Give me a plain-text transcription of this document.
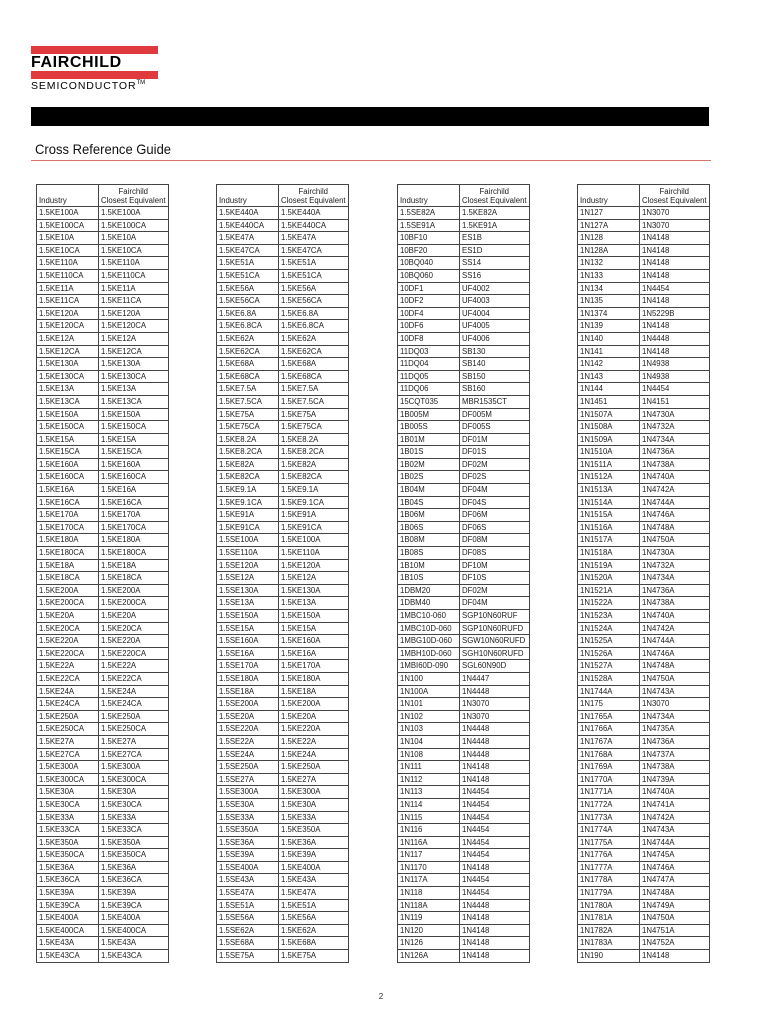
FAIRCHILD
SEMICONDUCTOR™
Cross Reference Guide
Industry	Fairchild
Closest Equivalent
1.5KE100A	1.5KE100A
1.5KE100CA	1.5KE100CA
1.5KE10A	1.5KE10A
1.5KE10CA	1.5KE10CA
1.5KE110A	1.5KE110A
1.5KE110CA	1.5KE110CA
1.5KE11A	1.5KE11A
1.5KE11CA	1.5KE11CA
1.5KE120A	1.5KE120A
1.5KE120CA	1.5KE120CA
1.5KE12A	1.5KE12A
1.5KE12CA	1.5KE12CA
1.5KE130A	1.5KE130A
1.5KE130CA	1.5KE130CA
1.5KE13A	1.5KE13A
1.5KE13CA	1.5KE13CA
1.5KE150A	1.5KE150A
1.5KE150CA	1.5KE150CA
1.5KE15A	1.5KE15A
1.5KE15CA	1.5KE15CA
1.5KE160A	1.5KE160A
1.5KE160CA	1.5KE160CA
1.5KE16A	1.5KE16A
1.5KE16CA	1.5KE16CA
1.5KE170A	1.5KE170A
1.5KE170CA	1.5KE170CA
1.5KE180A	1.5KE180A
1.5KE180CA	1.5KE180CA
1.5KE18A	1.5KE18A
1.5KE18CA	1.5KE18CA
1.5KE200A	1.5KE200A
1.5KE200CA	1.5KE200CA
1.5KE20A	1.5KE20A
1.5KE20CA	1.5KE20CA
1.5KE220A	1.5KE220A
1.5KE220CA	1.5KE220CA
1.5KE22A	1.5KE22A
1.5KE22CA	1.5KE22CA
1.5KE24A	1.5KE24A
1.5KE24CA	1.5KE24CA
1.5KE250A	1.5KE250A
1.5KE250CA	1.5KE250CA
1.5KE27A	1.5KE27A
1.5KE27CA	1.5KE27CA
1.5KE300A	1.5KE300A
1.5KE300CA	1.5KE300CA
1.5KE30A	1.5KE30A
1.5KE30CA	1.5KE30CA
1.5KE33A	1.5KE33A
1.5KE33CA	1.5KE33CA
1.5KE350A	1.5KE350A
1.5KE350CA	1.5KE350CA
1.5KE36A	1.5KE36A
1.5KE36CA	1.5KE36CA
1.5KE39A	1.5KE39A
1.5KE39CA	1.5KE39CA
1.5KE400A	1.5KE400A
1.5KE400CA	1.5KE400CA
1.5KE43A	1.5KE43A
1.5KE43CA	1.5KE43CA
Industry	Fairchild
Closest Equivalent
1.5KE440A	1.5KE440A
1.5KE440CA	1.5KE440CA
1.5KE47A	1.5KE47A
1.5KE47CA	1.5KE47CA
1.5KE51A	1.5KE51A
1.5KE51CA	1.5KE51CA
1.5KE56A	1.5KE56A
1.5KE56CA	1.5KE56CA
1.5KE6.8A	1.5KE6.8A
1.5KE6.8CA	1.5KE6.8CA
1.5KE62A	1.5KE62A
1.5KE62CA	1.5KE62CA
1.5KE68A	1.5KE68A
1.5KE68CA	1.5KE68CA
1.5KE7.5A	1.5KE7.5A
1.5KE7.5CA	1.5KE7.5CA
1.5KE75A	1.5KE75A
1.5KE75CA	1.5KE75CA
1.5KE8.2A	1.5KE8.2A
1.5KE8.2CA	1.5KE8.2CA
1.5KE82A	1.5KE82A
1.5KE82CA	1.5KE82CA
1.5KE9.1A	1.5KE9.1A
1.5KE9.1CA	1.5KE9.1CA
1.5KE91A	1.5KE91A
1.5KE91CA	1.5KE91CA
1.5SE100A	1.5KE100A
1.5SE110A	1.5KE110A
1.5SE120A	1.5KE120A
1.5SE12A	1.5KE12A
1.5SE130A	1.5KE130A
1.5SE13A	1.5KE13A
1.5SE150A	1.5KE150A
1.5SE15A	1.5KE15A
1.5SE160A	1.5KE160A
1.5SE16A	1.5KE16A
1.5SE170A	1.5KE170A
1.5SE180A	1.5KE180A
1.5SE18A	1.5KE18A
1.5SE200A	1.5KE200A
1.5SE20A	1.5KE20A
1.5SE220A	1.5KE220A
1.5SE22A	1.5KE22A
1.5SE24A	1.5KE24A
1.5SE250A	1.5KE250A
1.5SE27A	1.5KE27A
1.5SE300A	1.5KE300A
1.5SE30A	1.5KE30A
1.5SE33A	1.5KE33A
1.5SE350A	1.5KE350A
1.5SE36A	1.5KE36A
1.5SE39A	1.5KE39A
1.5SE400A	1.5KE400A
1.5SE43A	1.5KE43A
1.5SE47A	1.5KE47A
1.5SE51A	1.5KE51A
1.5SE56A	1.5KE56A
1.5SE62A	1.5KE62A
1.5SE68A	1.5KE68A
1.5SE75A	1.5KE75A
Industry	Fairchild
Closest Equivalent
1.5SE82A	1.5KE82A
1.5SE91A	1.5KE91A
10BF10	ES1B
10BF20	ES1D
10BQ040	SS14
10BQ060	SS16
10DF1	UF4002
10DF2	UF4003
10DF4	UF4004
10DF6	UF4005
10DF8	UF4006
11DQ03	SB130
11DQ04	SB140
11DQ05	SB150
11DQ06	SB160
15CQT035	MBR1535CT
1B005M	DF005M
1B005S	DF005S
1B01M	DF01M
1B01S	DF01S
1B02M	DF02M
1B02S	DF02S
1B04M	DF04M
1B04S	DF04S
1B06M	DF06M
1B06S	DF06S
1B08M	DF08M
1B08S	DF08S
1B10M	DF10M
1B10S	DF10S
1DBM20	DF02M
1DBM40	DF04M
1MBC10-060	SGP10N60RUF
1MBC10D-060	SGP10N60RUFD
1MBG10D-060	SGW10N60RUFD
1MBH10D-060	SGH10N60RUFD
1MBI60D-090	SGL60N90D
1N100	1N4447
1N100A	1N4448
1N101	1N3070
1N102	1N3070
1N103	1N4448
1N104	1N4448
1N108	1N4448
1N111	1N4148
1N112	1N4148
1N113	1N4454
1N114	1N4454
1N115	1N4454
1N116	1N4454
1N116A	1N4454
1N117	1N4454
1N1170	1N4148
1N117A	1N4454
1N118	1N4454
1N118A	1N4448
1N119	1N4148
1N120	1N4148
1N126	1N4148
1N126A	1N4148
Industry	Fairchild
Closest Equivalent
1N127	1N3070
1N127A	1N3070
1N128	1N4148
1N128A	1N4148
1N132	1N4148
1N133	1N4148
1N134	1N4454
1N135	1N4148
1N1374	1N5229B
1N139	1N4148
1N140	1N4448
1N141	1N4148
1N142	1N4938
1N143	1N4938
1N144	1N4454
1N1451	1N4151
1N1507A	1N4730A
1N1508A	1N4732A
1N1509A	1N4734A
1N1510A	1N4736A
1N1511A	1N4738A
1N1512A	1N4740A
1N1513A	1N4742A
1N1514A	1N4744A
1N1515A	1N4746A
1N1516A	1N4748A
1N1517A	1N4750A
1N1518A	1N4730A
1N1519A	1N4732A
1N1520A	1N4734A
1N1521A	1N4736A
1N1522A	1N4738A
1N1523A	1N4740A
1N1524A	1N4742A
1N1525A	1N4744A
1N1526A	1N4746A
1N1527A	1N4748A
1N1528A	1N4750A
1N1744A	1N4743A
1N175	1N3070
1N1765A	1N4734A
1N1766A	1N4735A
1N1767A	1N4736A
1N1768A	1N4737A
1N1769A	1N4738A
1N1770A	1N4739A
1N1771A	1N4740A
1N1772A	1N4741A
1N1773A	1N4742A
1N1774A	1N4743A
1N1775A	1N4744A
1N1776A	1N4745A
1N1777A	1N4746A
1N1778A	1N4747A
1N1779A	1N4748A
1N1780A	1N4749A
1N1781A	1N4750A
1N1782A	1N4751A
1N1783A	1N4752A
1N190	1N4148
2
